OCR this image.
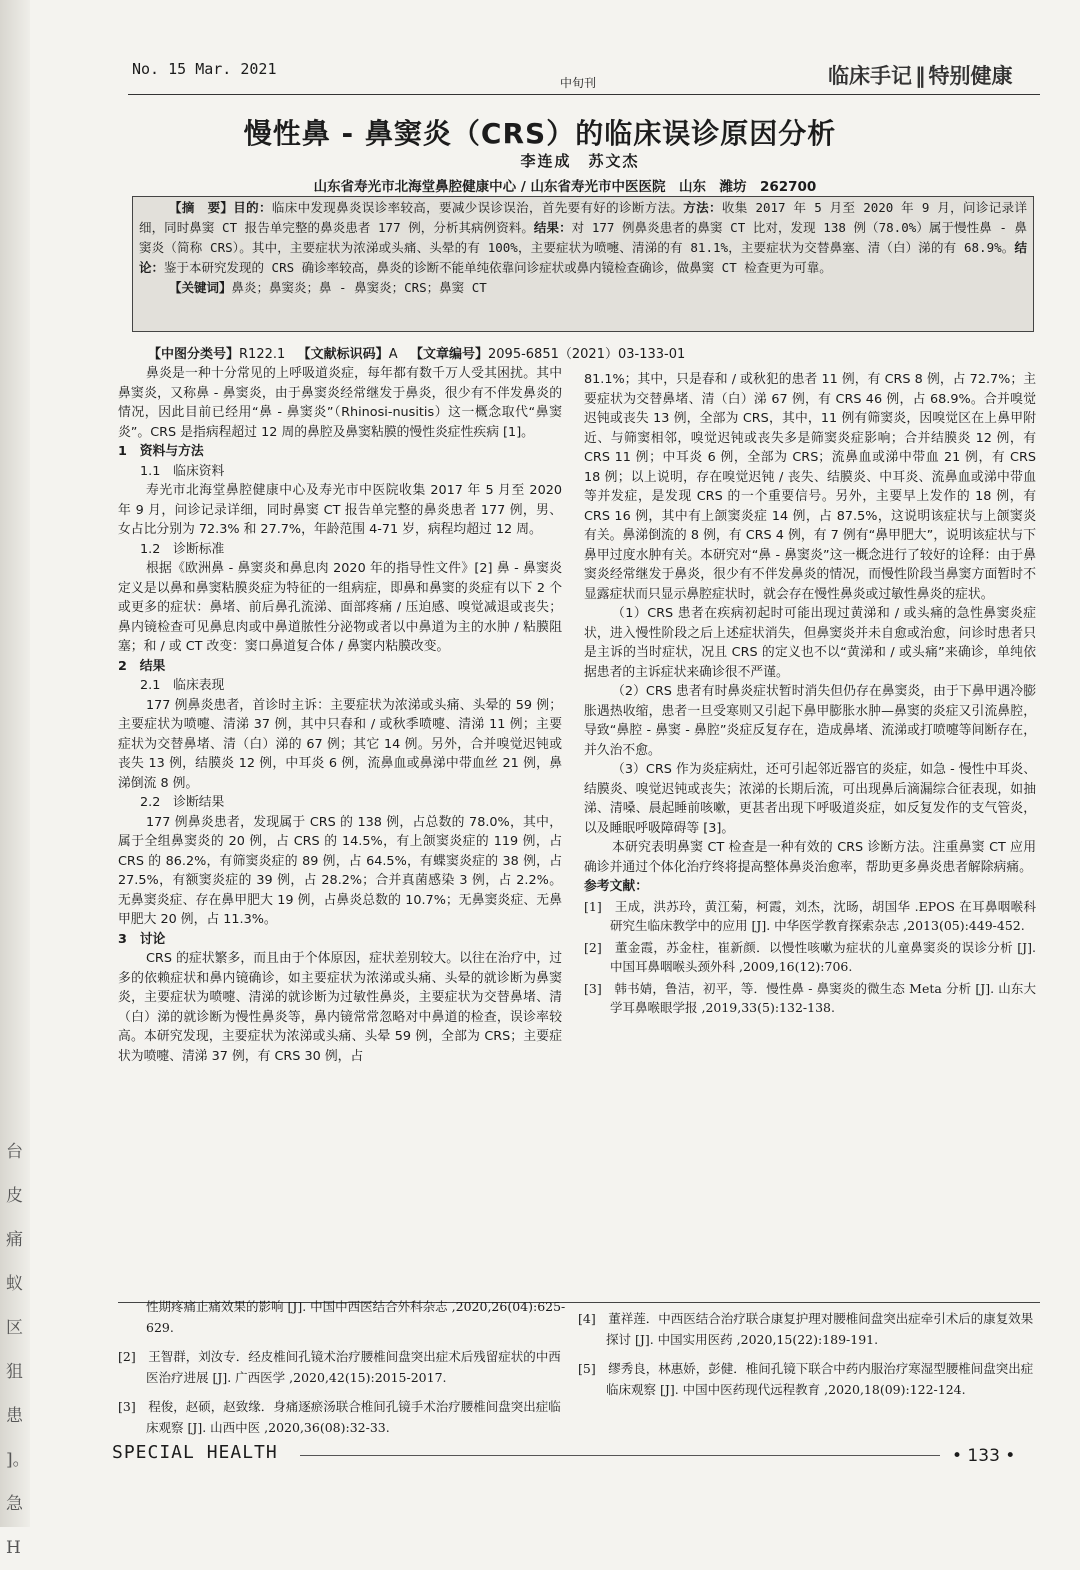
台
皮
痛
蚁
区
狙
患
]。
急
H
No. 15 Mar. 2021
中旬刊	临床手记 ‖ 特别健康
慢性鼻 - 鼻窦炎（CRS）的临床误诊原因分析
李连成　苏文杰
山东省寿光市北海堂鼻腔健康中心 / 山东省寿光市中医医院　山东　潍坊　262700

【摘　要】目的：临床中发现鼻炎误诊率较高，要减少误诊误治，首先要有好的诊断方法。方法：收集 2017 年 5 月至 2020 年 9 月，问诊记录详细，同时鼻窦 CT 报告单完整的鼻炎患者 177 例，分析其病例资料。结果：对 177 例鼻炎患者的鼻窦 CT 比对，发现 138 例（78.0%）属于慢性鼻 - 鼻窦炎（简称 CRS）。其中，主要症状为浓涕或头痛、头晕的有 100%，主要症状为喷嚏、清涕的有 81.1%，主要症状为交替鼻塞、清（白）涕的有 68.9%。结论：鉴于本研究发现的 CRS 确诊率较高，鼻炎的诊断不能单纯依靠问诊症状或鼻内镜检查确诊，做鼻窦 CT 检查更为可靠。

【关键词】鼻炎；鼻窦炎；鼻 - 鼻窦炎；CRS；鼻窦 CT

【中图分类号】R122.1 【文献标识码】A 【文章编号】2095-6851（2021）03-133-01

鼻炎是一种十分常见的上呼吸道炎症，每年都有数千万人受其困扰。其中鼻窦炎，又称鼻 - 鼻窦炎，由于鼻窦炎经常继发于鼻炎，很少有不伴发鼻炎的情况，因此目前已经用“鼻 - 鼻窦炎”（Rhinosi-nusitis）这一概念取代“鼻窦炎”。CRS 是指病程超过 12 周的鼻腔及鼻窦粘膜的慢性炎症性疾病 [1]。

1　资料与方法

1.1　临床资料

寿光市北海堂鼻腔健康中心及寿光市中医院收集 2017 年 5 月至 2020 年 9 月，问诊记录详细，同时鼻窦 CT 报告单完整的鼻炎患者 177 例，男、女占比分别为 72.3% 和 27.7%，年龄范围 4-71 岁，病程均超过 12 周。

1.2　诊断标准

根据《欧洲鼻 - 鼻窦炎和鼻息肉 2020 年的指导性文件》[2] 鼻 - 鼻窦炎定义是以鼻和鼻窦粘膜炎症为特征的一组病症，即鼻和鼻窦的炎症有以下 2 个或更多的症状：鼻堵、前后鼻孔流涕、面部疼痛 / 压迫感、嗅觉减退或丧失；鼻内镜检查可见鼻息肉或中鼻道脓性分泌物或者以中鼻道为主的水肿 / 粘膜阻塞；和 / 或 CT 改变：窦口鼻道复合体 / 鼻窦内粘膜改变。

2　结果

2.1　临床表现

177 例鼻炎患者，首诊时主诉：主要症状为浓涕或头痛、头晕的 59 例；主要症状为喷嚏、清涕 37 例，其中只春和 / 或秋季喷嚏、清涕 11 例；主要症状为交替鼻堵、清（白）涕的 67 例；其它 14 例。另外，合并嗅觉迟钝或丧失 13 例，结膜炎 12 例，中耳炎 6 例，流鼻血或鼻涕中带血丝 21 例，鼻涕倒流 8 例。

2.2　诊断结果

177 例鼻炎患者，发现属于 CRS 的 138 例，占总数的 78.0%，其中，属于全组鼻窦炎的 20 例，占 CRS 的 14.5%，有上颌窦炎症的 119 例，占 CRS 的 86.2%，有筛窦炎症的 89 例，占 64.5%，有蝶窦炎症的 38 例，占 27.5%，有额窦炎症的 39 例，占 28.2%；合并真菌感染 3 例，占 2.2%。无鼻窦炎症、存在鼻甲肥大 19 例，占鼻炎总数的 10.7%；无鼻窦炎症、无鼻甲肥大 20 例，占 11.3%。

3　讨论

CRS 的症状繁多，而且由于个体原因，症状差别较大。以往在治疗中，过多的依赖症状和鼻内镜确诊，如主要症状为浓涕或头痛、头晕的就诊断为鼻窦炎，主要症状为喷嚏、清涕的就诊断为过敏性鼻炎，主要症状为交替鼻堵、清（白）涕的就诊断为慢性鼻炎等，鼻内镜常常忽略对中鼻道的检查，误诊率较高。本研究发现，主要症状为浓涕或头痛、头晕 59 例，全部为 CRS；主要症状为喷嚏、清涕 37 例，有 CRS 30 例，占

81.1%；其中，只是春和 / 或秋犯的患者 11 例，有 CRS 8 例，占 72.7%；主要症状为交替鼻堵、清（白）涕 67 例，有 CRS 46 例，占 68.9%。合并嗅觉迟钝或丧失 13 例，全部为 CRS，其中，11 例有筛窦炎，因嗅觉区在上鼻甲附近、与筛窦相邻，嗅觉迟钝或丧失多是筛窦炎症影响；合并结膜炎 12 例，有 CRS 11 例；中耳炎 6 例，全部为 CRS；流鼻血或涕中带血 21 例，有 CRS 18 例；以上说明，存在嗅觉迟钝 / 丧失、结膜炎、中耳炎、流鼻血或涕中带血等并发症，是发现 CRS 的一个重要信号。另外，主要早上发作的 18 例，有 CRS 16 例，其中有上颌窦炎症 14 例，占 87.5%，这说明该症状与上颌窦炎有关。鼻涕倒流的 8 例，有 CRS 4 例，有 7 例有“鼻甲肥大”，说明该症状与下鼻甲过度水肿有关。本研究对“鼻 - 鼻窦炎”这一概念进行了较好的诠释：由于鼻窦炎经常继发于鼻炎，很少有不伴发鼻炎的情况，而慢性阶段当鼻窦方面暂时不显露症状而只显示鼻腔症状时，就会存在慢性鼻炎或过敏性鼻炎的症状。

（1）CRS 患者在疾病初起时可能出现过黄涕和 / 或头痛的急性鼻窦炎症状，进入慢性阶段之后上述症状消失，但鼻窦炎并未自愈或治愈，问诊时患者只是主诉的当时症状，况且 CRS 的定义也不以“黄涕和 / 或头痛”来确诊，单纯依据患者的主诉症状来确诊很不严谨。

（2）CRS 患者有时鼻炎症状暂时消失但仍存在鼻窦炎，由于下鼻甲遇冷膨胀遇热收缩，患者一旦受寒则又引起下鼻甲膨胀水肿—鼻窦的炎症又引流鼻腔，导致“鼻腔 - 鼻窦 - 鼻腔”炎症反复存在，造成鼻堵、流涕或打喷嚏等间断存在，并久治不愈。

（3）CRS 作为炎症病灶，还可引起邻近器官的炎症，如急 - 慢性中耳炎、结膜炎、嗅觉迟钝或丧失；浓涕的长期后流，可出现鼻后滴漏综合征表现，如抽涕、清嗓、晨起睡前咳嗽，更甚者出现下呼吸道炎症，如反复发作的支气管炎，以及睡眠呼吸障碍等 [3]。

本研究表明鼻窦 CT 检查是一种有效的 CRS 诊断方法。注重鼻窦 CT 应用确诊并通过个体化治疗终将提高整体鼻炎治愈率，帮助更多鼻炎患者解除病痛。

参考文献：

[1]　王成，洪苏玲，黄江菊，柯霞，刘杰，沈旸，胡国华 .EPOS 在耳鼻咽喉科研究生临床教学中的应用 [J]. 中华医学教育探索杂志 ,2013(05):449-452.

[2]　董金霞，苏金柱，崔新颜．以慢性咳嗽为症状的儿童鼻窦炎的误诊分析 [J]. 中国耳鼻咽喉头颈外科 ,2009,16(12):706.

[3]　韩书婧，鲁洁，初平，等．慢性鼻 - 鼻窦炎的微生态 Meta 分析 [J]. 山东大学耳鼻喉眼学报 ,2019,33(5):132-138.

性期疼痛止痛效果的影响 [J]. 中国中西医结合外科杂志 ,2020,26(04):625-629.

[2]　王智群，刘汝专．经皮椎间孔镜术治疗腰椎间盘突出症术后残留症状的中西医治疗进展 [J]. 广西医学 ,2020,42(15):2015-2017.

[3]　程俊，赵硕，赵致缘．身痛逐瘀汤联合椎间孔镜手术治疗腰椎间盘突出症临床观察 [J]. 山西中医 ,2020,36(08):32-33.

[4]　董祥莲．中西医结合治疗联合康复护理对腰椎间盘突出症牵引术后的康复效果探讨 [J]. 中国实用医药 ,2020,15(22):189-191.

[5]　缪秀良，林惠娇，彭健．椎间孔镜下联合中药内服治疗寒湿型腰椎间盘突出症临床观察 [J]. 中国中医药现代远程教育 ,2020,18(09):122-124.

SPECIAL HEALTH	• 133 •
